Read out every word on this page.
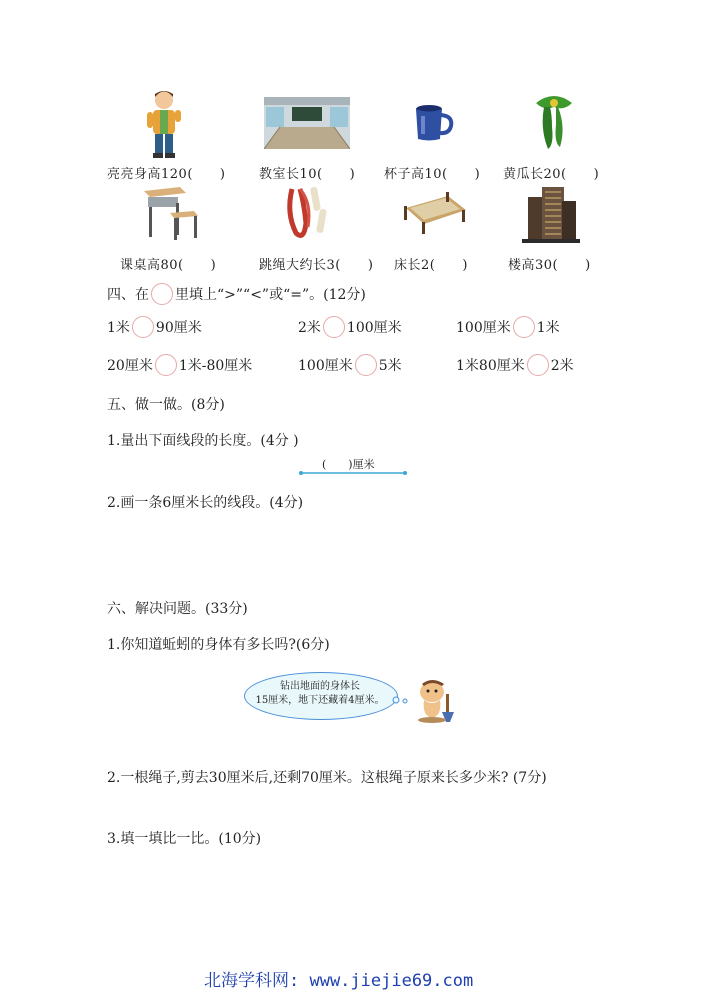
亮亮身高120(　　)	教室长10(　　) 杯子高10(　　) 黄瓜长20(　　)
课桌高80(　　)	跳绳大约长3(　　) 床长2(　　)	楼高30(　　)
四、在 里填上“>”“<”或“=”。(12分)
1米 90厘米	2米 100厘米	100厘米 1米
20厘米 1米-80厘米	100厘米 5米	1米80厘米 2米
五、做一做。(8分)
1.量出下面线段的长度。(4分 )
(　　)厘米
2.画一条6厘米长的线段。(4分)
六、解决问题。(33分)
1.你知道蚯蚓的身体有多长吗?(6分)
钻出地面的身体长
15厘米，地下还藏着4厘米。
2.一根绳子,剪去30厘米后,还剩70厘米。这根绳子原来长多少米? (7分)
3.填一填比一比。(10分)
北海学科网: www.jiejie69.com
